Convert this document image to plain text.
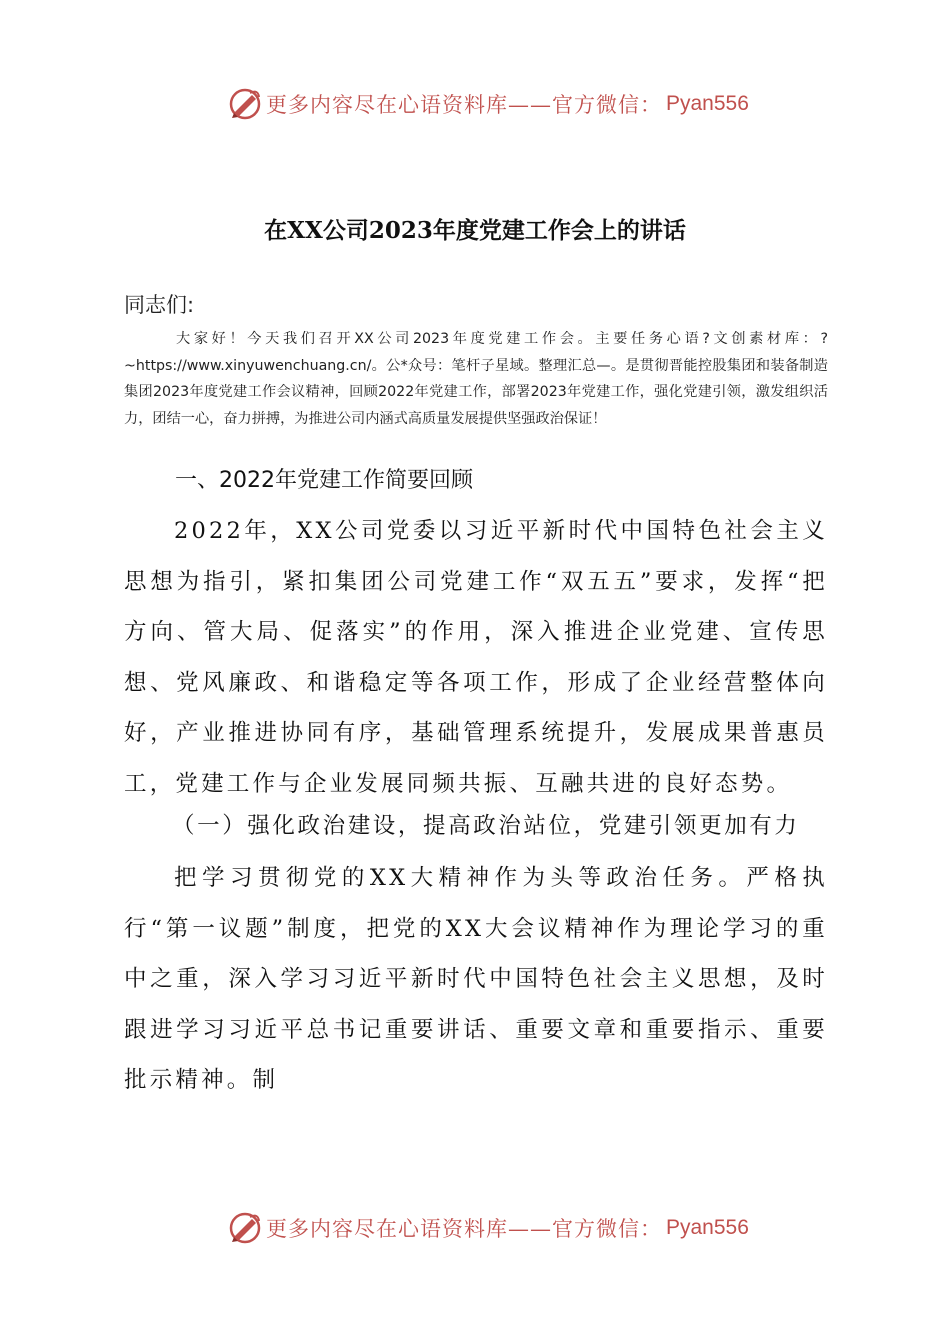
更多内容尽在心语资料库——官方微信： Pyan556
在XX公司2023年度党建工作会上的讲话
同志们:
大家好！今天我们召开XX公司2023年度党建工作会。主要任务心语?文创素材库：?~https://www.xinyuwenchuang.cn/。公*众号：笔杆子星域。整理汇总—。是贯彻晋能控股集团和装备制造集团2023年度党建工作会议精神，回顾2022年党建工作，部署2023年党建工作，强化党建引领，激发组织活力，团结一心，奋力拼搏，为推进公司内涵式高质量发展提供坚强政治保证！
一、2022年党建工作简要回顾
2022年，XX公司党委以习近平新时代中国特色社会主义思想为指引，紧扣集团公司党建工作“双五五”要求，发挥“把方向、管大局、促落实”的作用，深入推进企业党建、宣传思想、党风廉政、和谐稳定等各项工作，形成了企业经营整体向好，产业推进协同有序，基础管理系统提升，发展成果普惠员工，党建工作与企业发展同频共振、互融共进的良好态势。
（一）强化政治建设，提高政治站位，党建引领更加有力
把学习贯彻党的XX大精神作为头等政治任务。严格执行“第一议题”制度，把党的XX大会议精神作为理论学习的重中之重，深入学习习近平新时代中国特色社会主义思想，及时跟进学习习近平总书记重要讲话、重要文章和重要指示、重要批示精神。制
更多内容尽在心语资料库——官方微信： Pyan556
